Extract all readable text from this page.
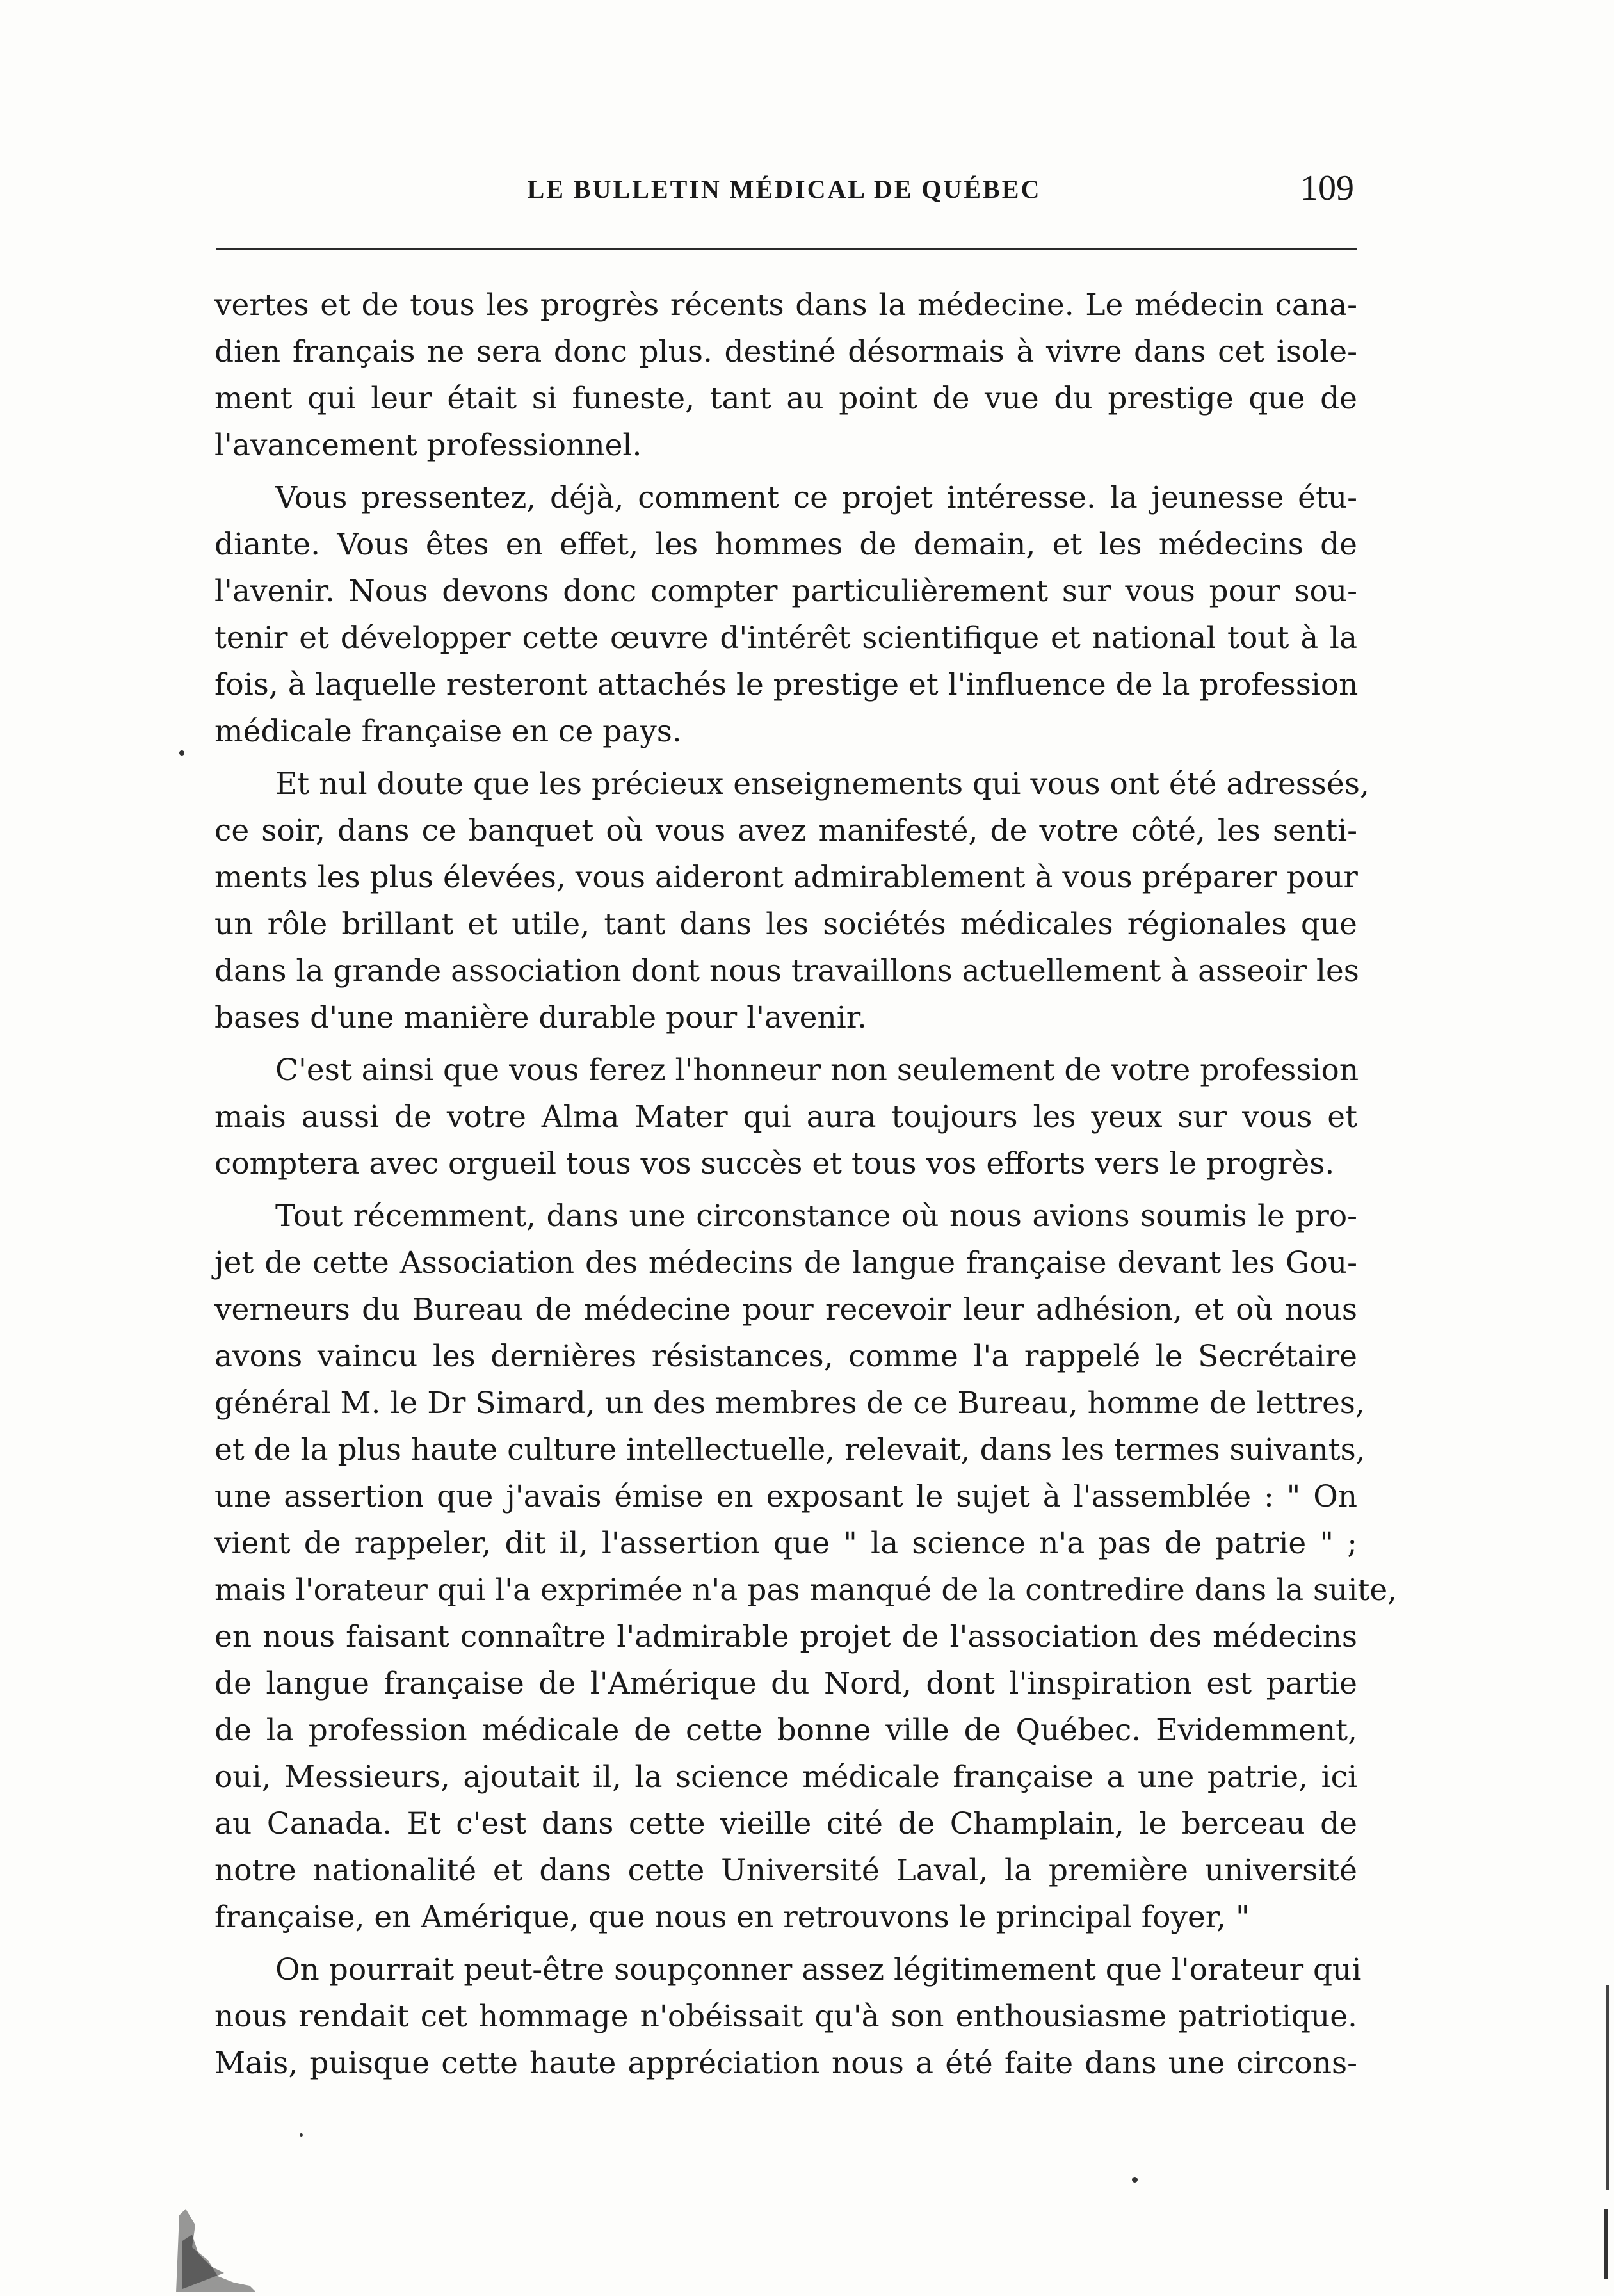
LE BULLETIN MÉDICAL DE QUÉBEC	109
vertes et de tous les progrès récents dans la médecine. Le médecin cana-
dien français ne sera donc plus. destiné désormais à vivre dans cet isole-
ment qui leur était si funeste, tant au point de vue du prestige que de
l'avancement professionnel.
Vous pressentez, déjà, comment ce projet intéresse. la jeunesse étu-
diante. Vous êtes en effet, les hommes de demain, et les médecins de
l'avenir. Nous devons donc compter particulièrement sur vous pour sou-
tenir et développer cette œuvre d'intérêt scientifique et national tout à la
fois, à laquelle resteront attachés le prestige et l'influence de la profession
médicale française en ce pays.
Et nul doute que les précieux enseignements qui vous ont été adressés,
ce soir, dans ce banquet où vous avez manifesté, de votre côté, les senti-
ments les plus élevées, vous aideront admirablement à vous préparer pour
un rôle brillant et utile, tant dans les sociétés médicales régionales que
dans la grande association dont nous travaillons actuellement à asseoir les
bases d'une manière durable pour l'avenir.
C'est ainsi que vous ferez l'honneur non seulement de votre profession
mais aussi de votre Alma Mater qui aura toujours les yeux sur vous et
comptera avec orgueil tous vos succès et tous vos efforts vers le progrès.
Tout récemment, dans une circonstance où nous avions soumis le pro-
jet de cette Association des médecins de langue française devant les Gou-
verneurs du Bureau de médecine pour recevoir leur adhésion, et où nous
avons vaincu les dernières résistances, comme l'a rappelé le Secrétaire
général M. le Dr Simard, un des membres de ce Bureau, homme de lettres,
et de la plus haute culture intellectuelle, relevait, dans les termes suivants,
une assertion que j'avais émise en exposant le sujet à l'assemblée : " On
vient de rappeler, dit il, l'assertion que " la science n'a pas de patrie " ;
mais l'orateur qui l'a exprimée n'a pas manqué de la contredire dans la suite,
en nous faisant connaître l'admirable projet de l'association des médecins
de langue française de l'Amérique du Nord, dont l'inspiration est partie
de la profession médicale de cette bonne ville de Québec. Evidemment,
oui, Messieurs, ajoutait il, la science médicale française a une patrie, ici
au Canada. Et c'est dans cette vieille cité de Champlain, le berceau de
notre nationalité et dans cette Université Laval, la première université
française, en Amérique, que nous en retrouvons le principal foyer, "
On pourrait peut-être soupçonner assez légitimement que l'orateur qui
nous rendait cet hommage n'obéissait qu'à son enthousiasme patriotique.
Mais, puisque cette haute appréciation nous a été faite dans une circons-
